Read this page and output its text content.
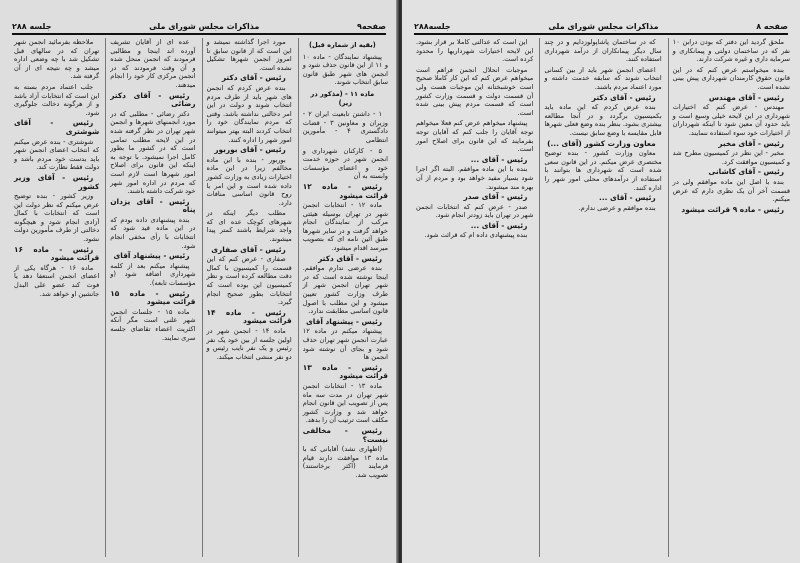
صفحه۹
مذاکرات مجلس شورای ملی
جلسه ۲۸۸

(بقیه از شماره قبل)

پیشنهاد نمایندگان - ماده ۱۰ و ۱۱ از این قانون حذف شود و انجمن های شهر طبق قانون سابق انتخاب شوند.

ماده ۱۱ - (مذکور در زیر)

۱ - داشتن تابعیت ایران ۲ - وزیران و معاونین ۳ - قضات دادگستری ۴ - مأمورین انتظامی

۵ - کارکنان شهرداری و انجمن شهر در حوزه خدمت خود و اعضای مؤسسات وابسته به آن

رئیس - ماده ۱۲ قرائت میشود

ماده ۱۲ - انتخابات انجمن شهر در تهران بوسیله هیئتی مرکب از نمایندگان انجام خواهد گرفت و در سایر شهرها طبق آئین نامه ای که بتصویب میرسد اقدام میشود.

رئیس - آقای دکتر

بنده عرضی ندارم موافقم. اینجا نوشته شده است که در شهر تهران انجمن شهر از طرف وزارت کشور تعیین میشود و این مطلب با اصول قانون اساسی مطابقت ندارد.

رئیس - پیشنهاد آقای

پیشنهاد میکنم در ماده ۱۲ عبارت انجمن شهر تهران حذف شود و بجای آن نوشته شود انجمن ها

رئیس - ماده ۱۳ قرائت میشود

ماده ۱۳ - انتخابات انجمن شهر تهران در مدت سه ماه پس از تصویب این قانون انجام خواهد شد و وزارت کشور مکلف است ترتیب آن را بدهد.

رئیس - مخالفی نیست؟

(اظهاری نشد) آقایانی که با ماده ۱۳ موافقت دارند قیام فرمایند (اکثر برخاستند) تصویب شد.

مورد اجرا گذاشته نمیشد و این است که از قانون سابق تا امروز انجمن شهرها تشکیل نشده است.

رئیس - آقای دکتر

بنده عرض کردم که انجمن های شهر باید از طرف مردم انتخاب شوند و دولت در این امر دخالتی نداشته باشد. وقتی که مردم نمایندگان خود را انتخاب کردند البته بهتر میتوانند امور شهر را اداره کنند.

رئیس - آقای بوربور

بوربور - بنده با این ماده مخالفم زیرا در این ماده اختیارات زیادی به وزارت کشور داده شده است و این امر با روح قانون اساسی منافات دارد.

مطلب دیگر اینکه در شهرهای کوچک عده ای که واجد شرایط باشند کمتر پیدا میشوند.

رئیس - آقای صفاری

صفاری - عرض کنم که این قسمت را کمیسیون با کمال دقت مطالعه کرده است و نظر کمیسیون این بوده است که انتخابات بطور صحیح انجام گیرد.

رئیس - ماده ۱۴ قرائت میشود

ماده ۱۴ - انجمن شهر در اولین جلسه از بین خود یک نفر رئیس و یک نفر نایب رئیس و دو نفر منشی انتخاب میکند.

عده ای از آقایان تشریف آورده اند اینجا و مطالبی فرمودند که انجمن منحل شده و آن وقت فرمودند که در انجمن مرکزی کار خود را انجام میدهند.

رئیس - آقای دکتر رضائی

دکتر رضائی - مطلبی که در مورد انجمنهای شهرها و انجمن شهر تهران در نظر گرفته شده در این لایحه مطلب تمامی است که در کشور ما بطور کامل اجرا نمیشود. با توجه به اینکه این قانون برای اصلاح امور شهرها است لازم است که مردم در اداره امور شهر خود شرکت داشته باشند.

رئیس - آقای یزدان پناه

بنده پیشنهادی داده بودم که در این ماده قید شود که انتخابات با رأی مخفی انجام شود.

رئیس - پیشنهاد آقای

پیشنهاد میکنم بعد از کلمه شهرداری اضافه شود (و مؤسسات تابعه).

رئیس - ماده ۱۵ قرائت میشود

ماده ۱۵ - جلسات انجمن شهر علنی است مگر آنکه اکثریت اعضاء تقاضای جلسه سری نمایند.

ملاحظه بفرمائید انجمن شهر تهران که در سالهای قبل تشکیل شد با چه وضعی اداره میشد و چه نتیجه ای از آن گرفته شد.

جلب اعتماد مردم بسته به این است که انتخابات آزاد باشد و از هرگونه دخالت جلوگیری شود.

رئیس - آقای شوشتری

شوشتری - بنده عرض میکنم که انتخاب اعضای انجمن شهر باید بدست خود مردم باشد و دولت فقط نظارت کند.

رئیس - آقای وزیر کشور

وزیر کشور - بنده توضیح عرض میکنم که نظر دولت این است که انتخابات با کمال آزادی انجام شود و هیچگونه دخالتی از طرف مأمورین دولت نشود.

رئیس - ماده ۱۶ قرائت میشود

ماده ۱۶ - هرگاه یکی از اعضای انجمن استعفا دهد یا فوت کند عضو علی البدل جانشین او خواهد شد.

صفحه ۸
مذاکرات مجلس شورای ملی
جلسه۲۸۸

ملحق گردید این دفتر که بودن درابن ۱۰ نفر که در ساختمان دولتی و پیمانکاری و سرمایه داری و غیره شرکت دارند.

بنده میخواستم عرض کنم که در این قانون حقوق کارمندان شهرداری پیش بینی نشده است.

رئیس - آقای مهندس

مهندس - عرض کنم که اختیارات شهرداری در این لایحه خیلی وسیع است و باید حدود آن معین شود تا اینکه شهرداران از اختیارات خود سوء استفاده ننمایند.

رئیس - آقای مخبر

مخبر - این نظر در کمیسیون مطرح شد و کمیسیون موافقت کرد.

رئیس - آقای کاشانی

بنده با اصل این ماده موافقم ولی در قسمت آخر آن یک نظری دارم که عرض میکنم.

رئیس - ماده ۹ قرائت میشود

که در ساختمان پاشاپولوزدایم و در چند سال دیگر پیمانکاران از درآمد شهرداری استفاده کنند.

اعضای انجمن شهر باید از بین کسانی انتخاب شوند که سابقه خدمت داشته و مورد اعتماد مردم باشند.

رئیس - آقای دکتر

بنده عرض کردم که این ماده باید بکمیسیون برگردد و در آنجا مطالعه بیشتری بشود. بنظر بنده وضع فعلی شهرها قابل مقایسه با وضع سابق نیست.

معاون وزارت کشور (آقای ...)

معاون وزارت کشور - بنده توضیح مختصری عرض میکنم. در این قانون سعی شده است که شهرداری ها بتوانند با استفاده از درآمدهای محلی امور شهر را اداره کنند.

رئیس - آقای ...

بنده موافقم و عرضی ندارم.

این است که عدالتی کاملا بر قرار بشود. این لایحه اختیارات شهرداریها را محدود کرده است.

موجبات انحلال انجمن فراهم است میخواهم عرض کنم که این کار کاملا صحیح است خوشبختانه این موجبات هست ولی آن قسمت دولت و قسمت وزارت کشور است که قسمت مردم پیش بینی شده است.

پیشنهاد میخواهم عرض کنم فعلا میخواهم توجه آقایان را جلب کنم که آقایان توجه بفرمایند که این قانون برای اصلاح امور است.

رئیس - آقای ...

بنده با این ماده موافقم. البته اگر اجرا شود بسیار مفید خواهد بود و مردم از آن بهره مند میشوند.

رئیس - آقای صدر

صدر - عرض کنم که انتخابات انجمن شهر در تهران باید زودتر انجام شود.

رئیس - آقای ...

بنده پیشنهادی داده ام که قرائت شود.
